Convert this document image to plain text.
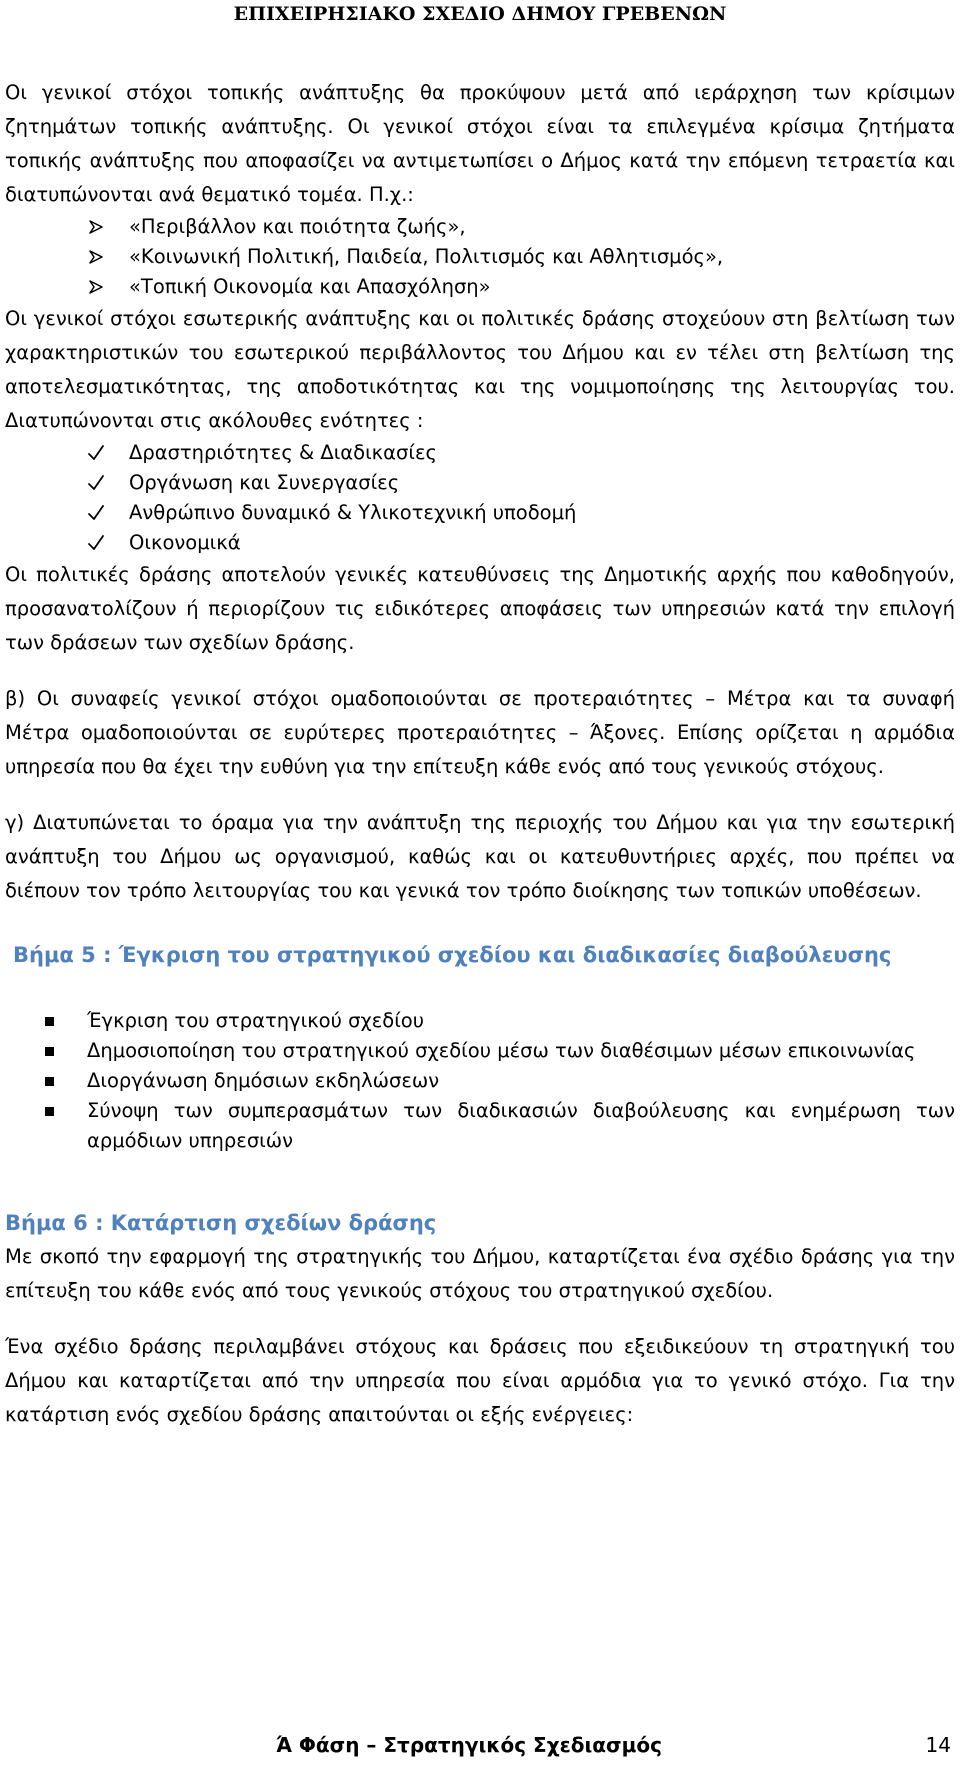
ΕΠΙΧΕΙΡΗΣΙΑΚΟ ΣΧΕΔΙΟ ΔΗΜΟΥ ΓΡΕΒΕΝΩΝ

Οι γενικοί στόχοι τοπικής ανάπτυξης θα προκύψουν μετά από ιεράρχηση των κρίσιμων ζητημάτων τοπικής ανάπτυξης. Οι γενικοί στόχοι είναι τα επιλεγμένα κρίσιμα ζητήματα τοπικής ανάπτυξης που αποφασίζει να αντιμετωπίσει ο Δήμος κατά την επόμενη τετραετία και διατυπώνονται ανά θεματικό τομέα. Π.χ.:

«Περιβάλλον και ποιότητα ζωής»,
«Κοινωνική Πολιτική, Παιδεία, Πολιτισμός και Αθλητισμός»,
«Τοπική Οικονομία και Απασχόληση»

Οι γενικοί στόχοι εσωτερικής ανάπτυξης και οι πολιτικές δράσης στοχεύουν στη βελτίωση των χαρακτηριστικών του εσωτερικού περιβάλλοντος του Δήμου και εν τέλει στη βελτίωση της αποτελεσματικότητας, της αποδοτικότητας και της νομιμοποίησης της λειτουργίας του. Διατυπώνονται στις ακόλουθες ενότητες :

Δραστηριότητες & Διαδικασίες
Οργάνωση και Συνεργασίες
Ανθρώπινο δυναμικό & Υλικοτεχνική υποδομή
Οικονομικά

Οι πολιτικές δράσης αποτελούν γενικές κατευθύνσεις της Δημοτικής αρχής που καθοδηγούν, προσανατολίζουν ή περιορίζουν τις ειδικότερες αποφάσεις των υπηρεσιών κατά την επιλογή των δράσεων των σχεδίων δράσης.

β) Οι συναφείς γενικοί στόχοι ομαδοποιούνται σε προτεραιότητες – Μέτρα και τα συναφή Μέτρα ομαδοποιούνται σε ευρύτερες προτεραιότητες – Άξονες. Επίσης ορίζεται η αρμόδια υπηρεσία που θα έχει την ευθύνη για την επίτευξη κάθε ενός από τους γενικούς στόχους.

γ) Διατυπώνεται το όραμα για την ανάπτυξη της περιοχής του Δήμου και για την εσωτερική ανάπτυξη του Δήμου ως οργανισμού, καθώς και οι κατευθυντήριες αρχές, που πρέπει να διέπουν τον τρόπο λειτουργίας του και γενικά τον τρόπο διοίκησης των τοπικών υποθέσεων.

Βήμα 5 : Έγκριση του στρατηγικού σχεδίου και διαδικασίες διαβούλευσης
Έγκριση του στρατηγικού σχεδίου
Δημοσιοποίηση του στρατηγικού σχεδίου μέσω των διαθέσιμων μέσων επικοινωνίας
Διοργάνωση δημόσιων εκδηλώσεων
Σύνοψη των συμπερασμάτων των διαδικασιών διαβούλευσης και ενημέρωση των αρμόδιων υπηρεσιών
Βήμα 6 : Κατάρτιση σχεδίων δράσης

Με σκοπό την εφαρμογή της στρατηγικής του Δήμου, καταρτίζεται ένα σχέδιο δράσης για την επίτευξη του κάθε ενός από τους γενικούς στόχους του στρατηγικού σχεδίου.

Ένα σχέδιο δράσης περιλαμβάνει στόχους και δράσεις που εξειδικεύουν τη στρατηγική του Δήμου και καταρτίζεται από την υπηρεσία που είναι αρμόδια για το γενικό στόχο. Για την κατάρτιση ενός σχεδίου δράσης απαιτούνται οι εξής ενέργειες:

Ά Φάση – Στρατηγικός Σχεδιασμός	14
